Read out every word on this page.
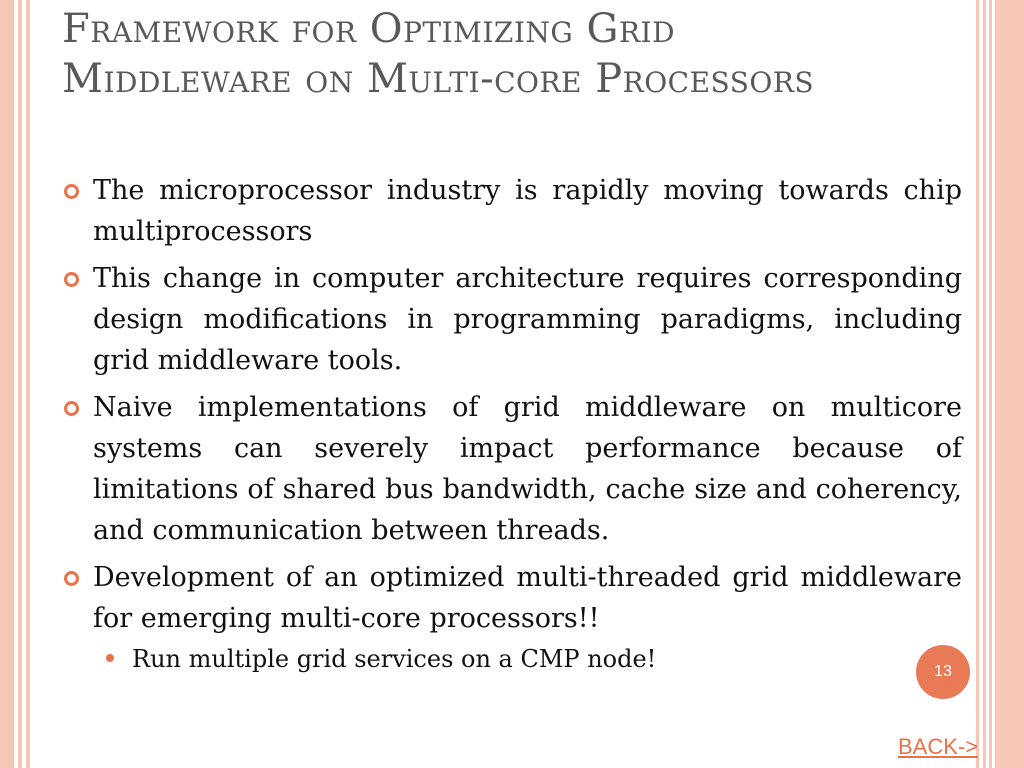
Framework for Optimizing Grid
Middleware on Multi-core Processors
The microprocessor industry is rapidly moving towards chip multiprocessors
This change in computer architecture requires corresponding design modifications in programming paradigms, including grid middleware tools.
Naive implementations of grid middleware on multicore systems can severely impact performance because of limitations of shared bus bandwidth, cache size and coherency, and communication between threads.
Development of an optimized multi-threaded grid middleware for emerging multi-core processors!!
Run multiple grid services on a CMP node!	13
BACK->
